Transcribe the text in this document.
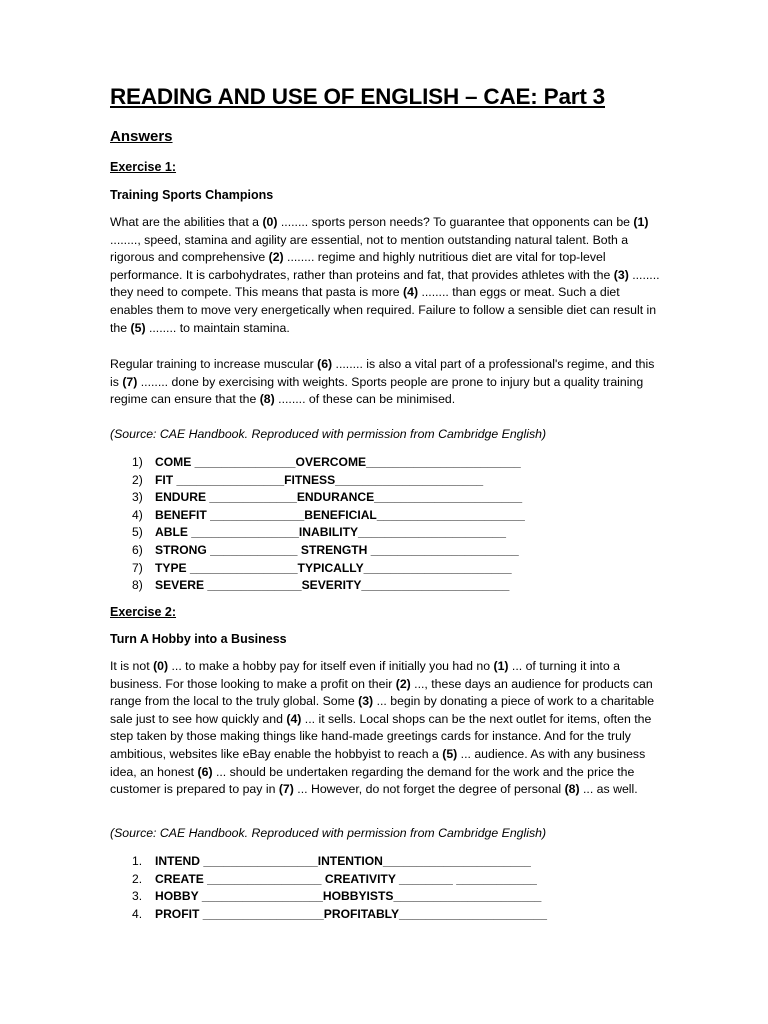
READING AND USE OF ENGLISH – CAE: Part 3
Answers
Exercise 1:
Training Sports Champions

What are the abilities that a (0) ........ sports person needs? To guarantee that opponents can be (1) ........, speed, stamina and agility are essential, not to mention outstanding natural talent. Both a rigorous and comprehensive (2) ........ regime and highly nutritious diet are vital for top-level performance. It is carbohydrates, rather than proteins and fat, that provides athletes with the (3) ........ they need to compete. This means that pasta is more (4) ........ than eggs or meat. Such a diet enables them to move very energetically when required. Failure to follow a sensible diet can result in the (5) ........ to maintain stamina.

Regular training to increase muscular (6) ........ is also a vital part of a professional's regime, and this is (7) ........ done by exercising with weights. Sports people are prone to injury but a quality training regime can ensure that the (8) ........ of these can be minimised.

(Source: CAE Handbook. Reproduced with permission from Cambridge English)
1)	COME _______________OVERCOME_______________________
2)	FIT ________________FITNESS______________________
3)	ENDURE _____________ENDURANCE______________________
4)	BENEFIT ______________BENEFICIAL______________________
5)	ABLE ________________INABILITY______________________
6)	STRONG _____________ STRENGTH ______________________
7)	TYPE ________________TYPICALLY______________________
8)	SEVERE ______________SEVERITY______________________
Exercise 2:
Turn A Hobby into a Business

It is not (0) ... to make a hobby pay for itself even if initially you had no (1) ... of turning it into a business. For those looking to make a profit on their (2) ..., these days an audience for products can range from the local to the truly global. Some (3) ... begin by donating a piece of work to a charitable sale just to see how quickly and (4) ... it sells. Local shops can be the next outlet for items, often the step taken by those making things like hand-made greetings cards for instance. And for the truly ambitious, websites like eBay enable the hobbyist to reach a (5) ... audience. As with any business idea, an honest (6) ... should be undertaken regarding the demand for the work and the price the customer is prepared to pay in (7) ... However, do not forget the degree of personal (8) ... as well.

(Source: CAE Handbook. Reproduced with permission from Cambridge English)
1.	INTEND _________________INTENTION______________________
2.	CREATE _________________ CREATIVITY ________ ____________
3.	HOBBY __________________HOBBYISTS______________________
4.	PROFIT __________________PROFITABLY______________________
